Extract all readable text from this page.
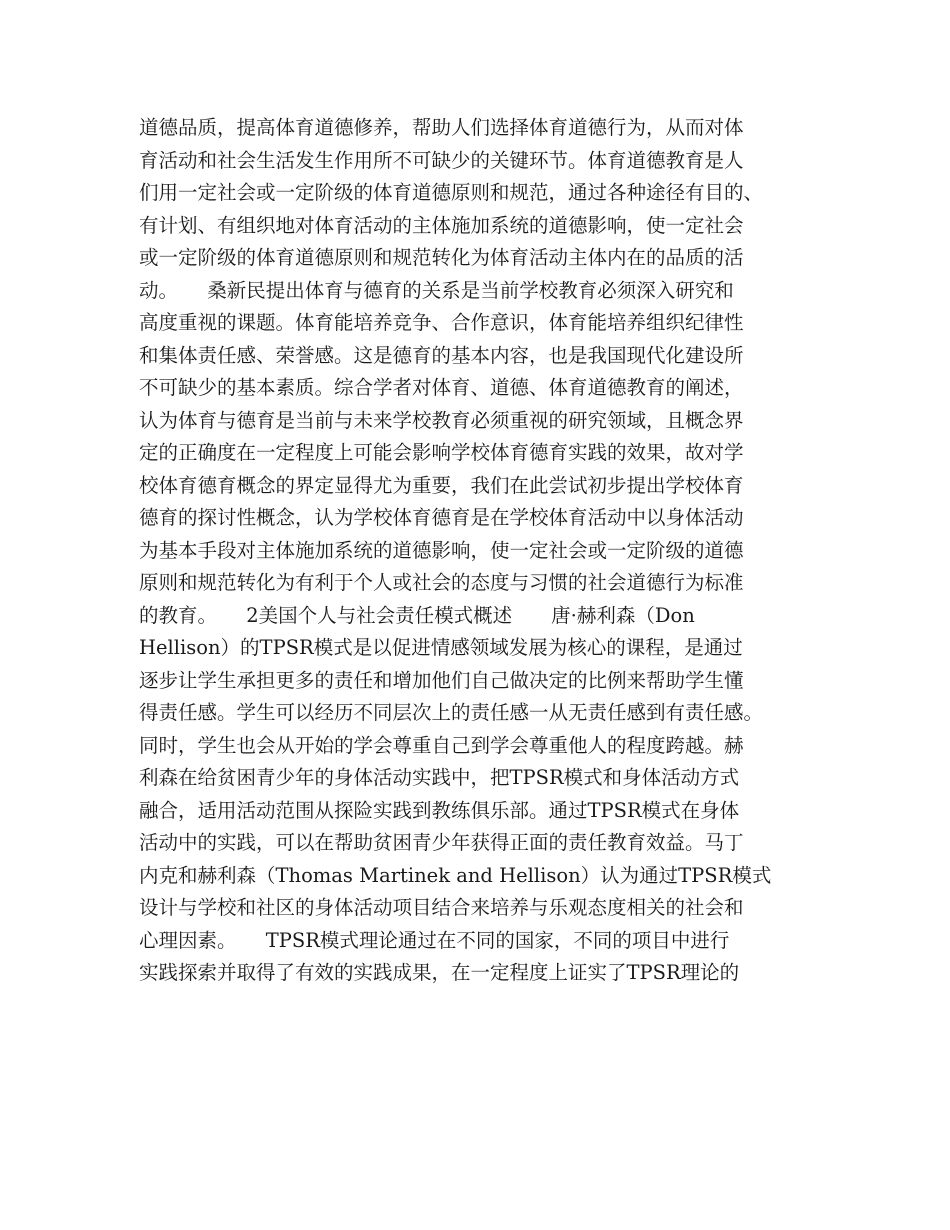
道德品质，提高体育道德修养，帮助人们选择体育道德行为，从而对体
育活动和社会生活发生作用所不可缺少的关键环节。体育道德教育是人
们用一定社会或一定阶级的体育道德原则和规范，通过各种途径有目的、
有计划、有组织地对体育活动的主体施加系统的道德影响，使一定社会
或一定阶级的体育道德原则和规范转化为体育活动主体内在的品质的活
动。　　桑新民提出体育与德育的关系是当前学校教育必须深入研究和
高度重视的课题。体育能培养竞争、合作意识，体育能培养组织纪律性
和集体责任感、荣誉感。这是德育的基本内容，也是我国现代化建设所
不可缺少的基本素质。综合学者对体育、道德、体育道德教育的阐述，
认为体育与德育是当前与未来学校教育必须重视的研究领域，且概念界
定的正确度在一定程度上可能会影响学校体育德育实践的效果，故对学
校体育德育概念的界定显得尤为重要，我们在此尝试初步提出学校体育
德育的探讨性概念，认为学校体育德育是在学校体育活动中以身体活动
为基本手段对主体施加系统的道德影响，使一定社会或一定阶级的道德
原则和规范转化为有利于个人或社会的态度与习惯的社会道德行为标准
的教育。　　2美国个人与社会责任模式概述　　唐·赫利森（Don
Hellison）的TPSR模式是以促进情感领域发展为核心的课程，是通过
逐步让学生承担更多的责任和增加他们自己做决定的比例来帮助学生懂
得责任感。学生可以经历不同层次上的责任感一从无责任感到有责任感。
同时，学生也会从开始的学会尊重自己到学会尊重他人的程度跨越。赫
利森在给贫困青少年的身体活动实践中，把TPSR模式和身体活动方式
融合，适用活动范围从探险实践到教练俱乐部。通过TPSR模式在身体
活动中的实践，可以在帮助贫困青少年获得正面的责任教育效益。马丁
内克和赫利森（Thomas Martinek and Hellison）认为通过TPSR模式
设计与学校和社区的身体活动项目结合来培养与乐观态度相关的社会和
心理因素。　　TPSR模式理论通过在不同的国家，不同的项目中进行
实践探索并取得了有效的实践成果，在一定程度上证实了TPSR理论的
